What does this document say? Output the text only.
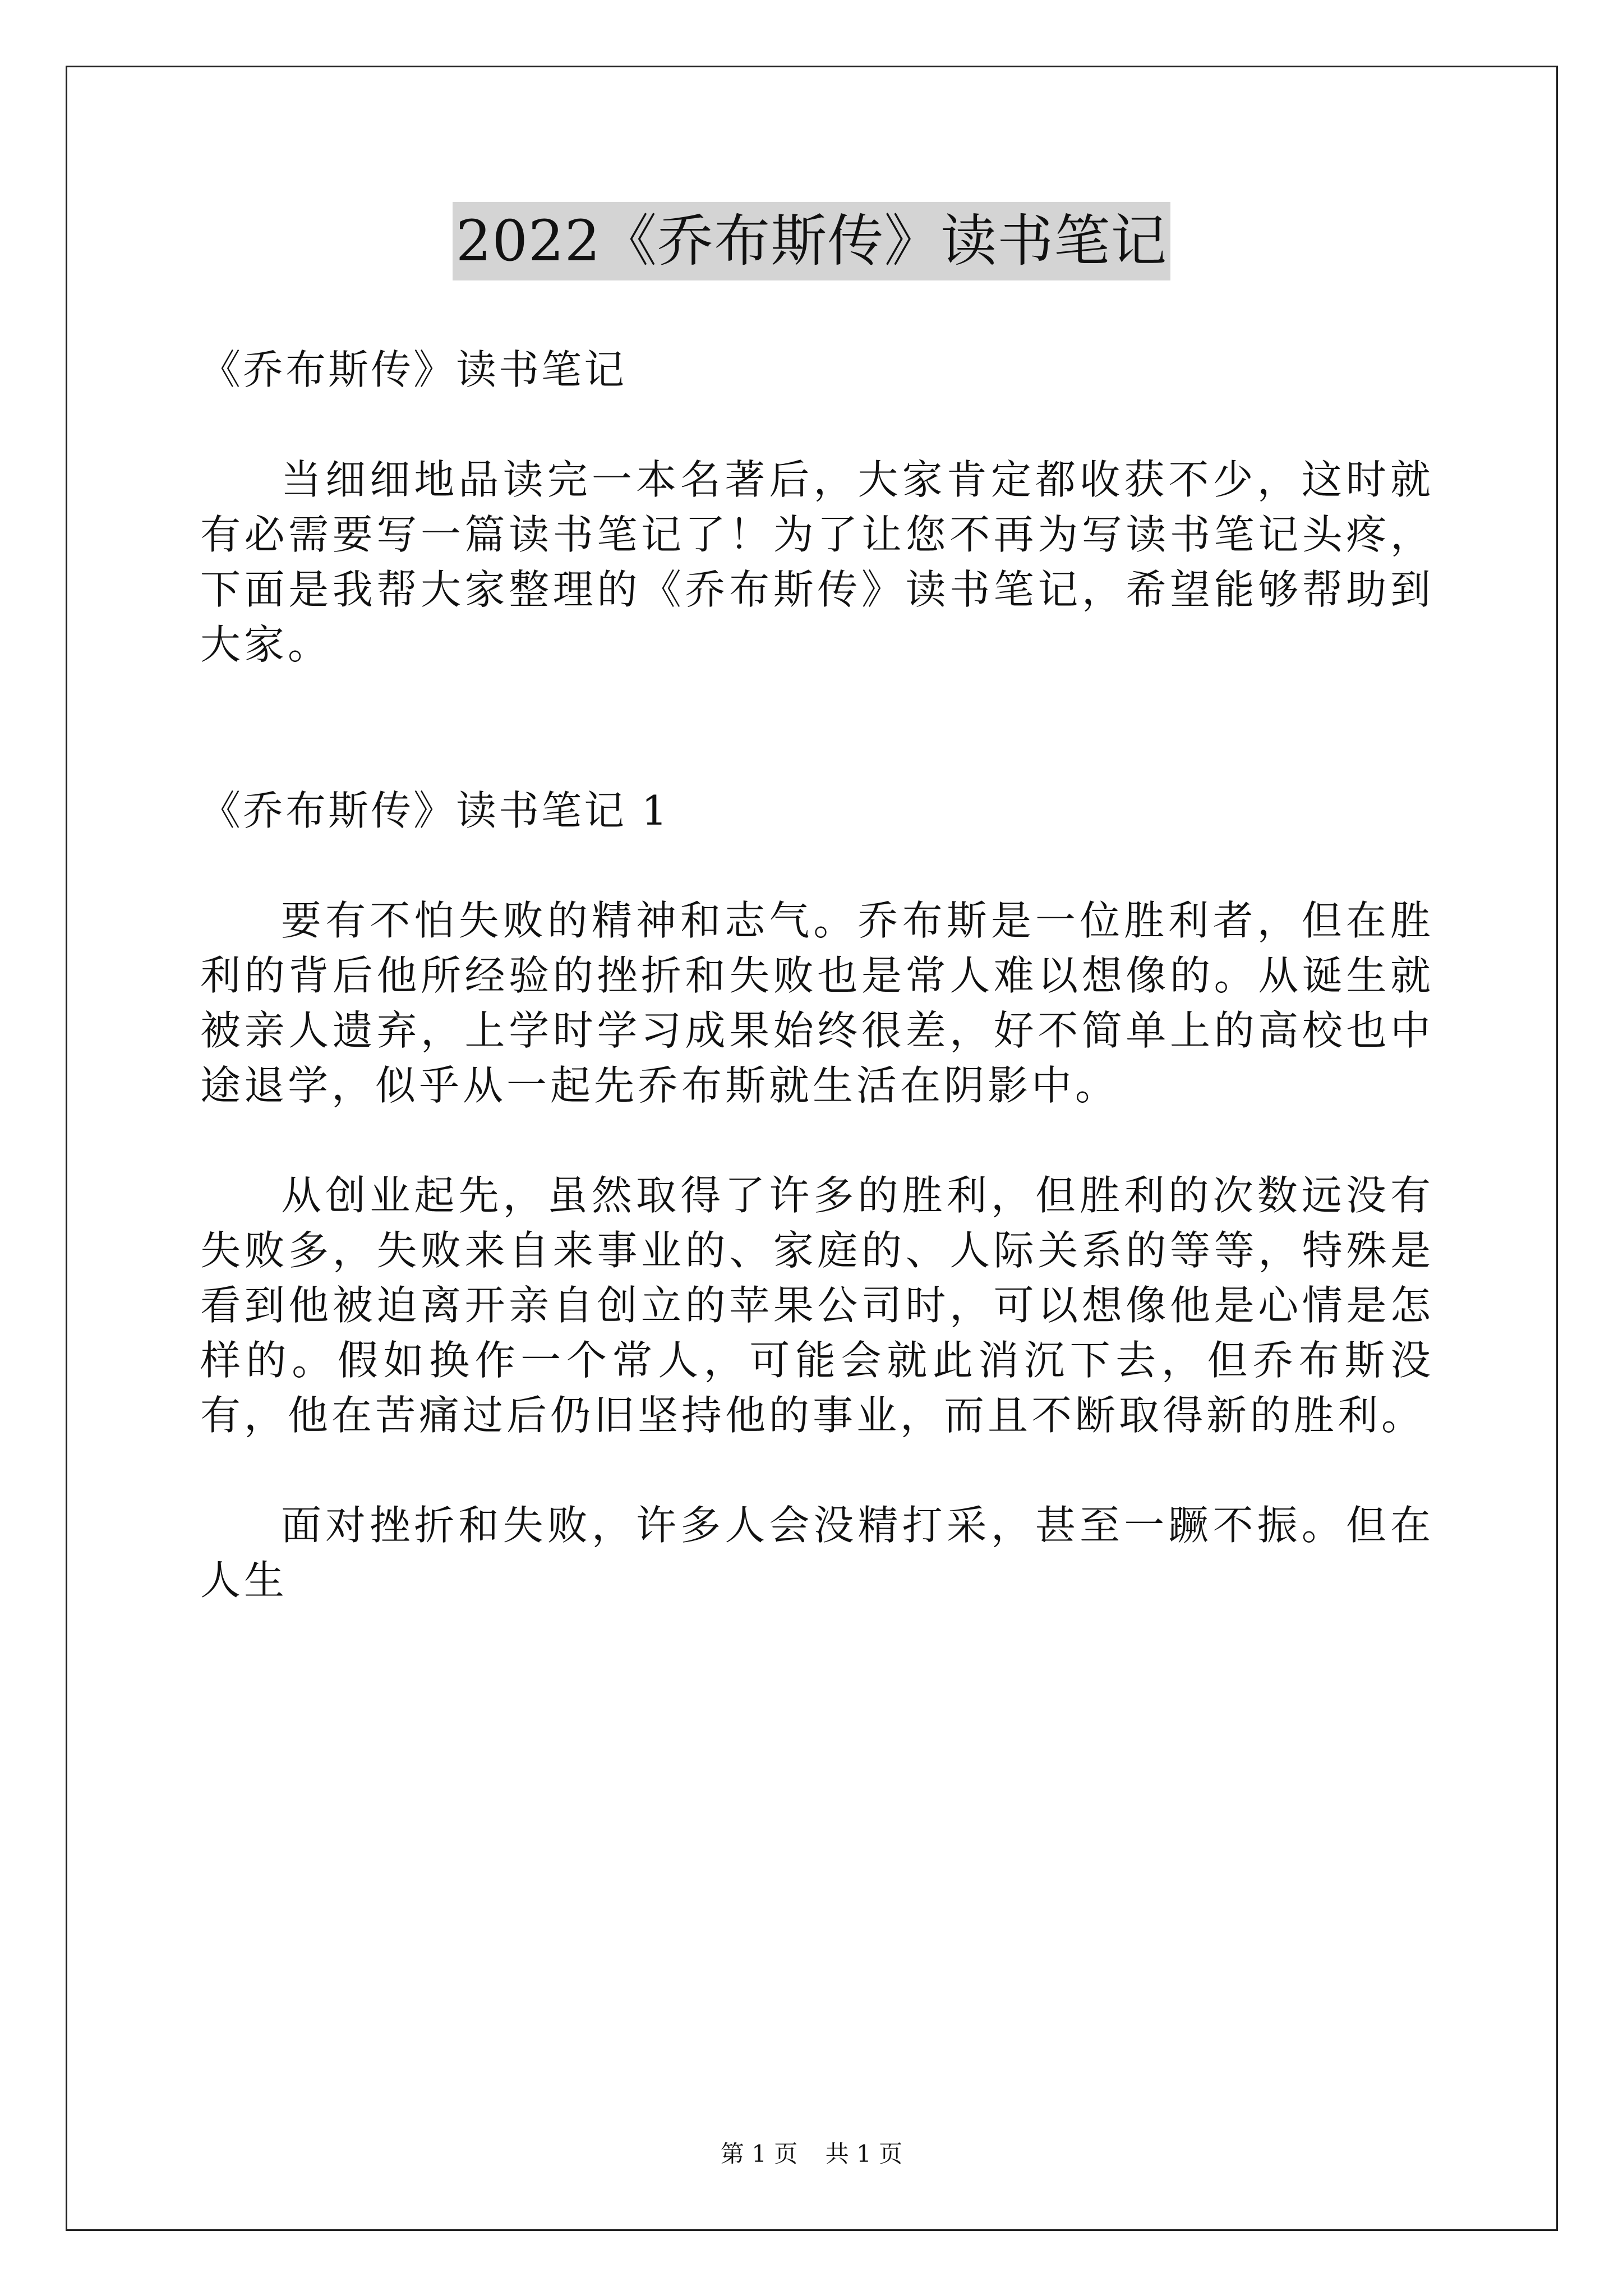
2022《乔布斯传》读书笔记

《乔布斯传》读书笔记

当细细地品读完一本名著后，大家肯定都收获不少，这时就有必需要写一篇读书笔记了！为了让您不再为写读书笔记头疼，下面是我帮大家整理的《乔布斯传》读书笔记，希望能够帮助到大家。

《乔布斯传》读书笔记 1

要有不怕失败的精神和志气。乔布斯是一位胜利者，但在胜利的背后他所经验的挫折和失败也是常人难以想像的。从诞生就被亲人遗弃，上学时学习成果始终很差，好不简单上的高校也中途退学，似乎从一起先乔布斯就生活在阴影中。

从创业起先，虽然取得了许多的胜利，但胜利的次数远没有失败多，失败来自来事业的、家庭的、人际关系的等等，特殊是看到他被迫离开亲自创立的苹果公司时，可以想像他是心情是怎样的。假如换作一个常人，可能会就此消沉下去，但乔布斯没有，他在苦痛过后仍旧坚持他的事业，而且不断取得新的胜利。

面对挫折和失败，许多人会没精打采，甚至一蹶不振。但在人生

第 1 页 共 1 页
